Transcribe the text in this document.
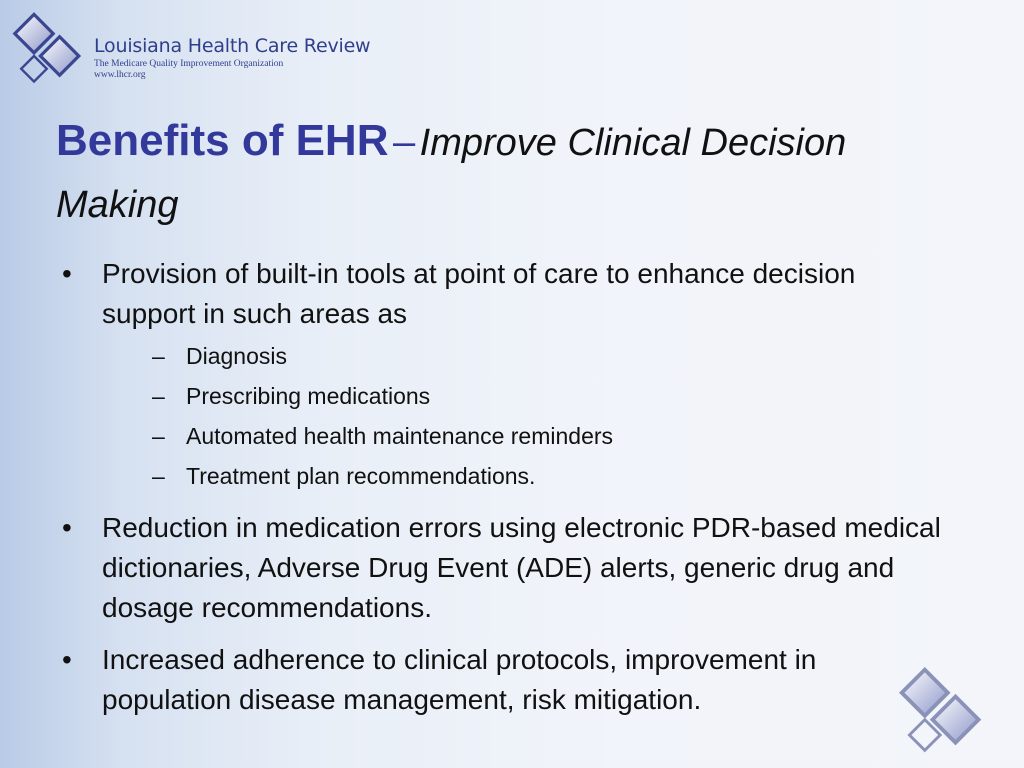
Louisiana Health Care Review
The Medicare Quality Improvement Organization
www.lhcr.org
Benefits of EHR – Improve Clinical Decision Making
•	Provision of built-in tools at point of care to enhance decision support in such areas as
– Diagnosis
– Prescribing medications
– Automated health maintenance reminders
– Treatment plan recommendations.
•	Reduction in medication errors using electronic PDR-based medical dictionaries, Adverse Drug Event (ADE) alerts, generic drug and dosage recommendations.
•	Increased adherence to clinical protocols, improvement in population disease management, risk mitigation.
